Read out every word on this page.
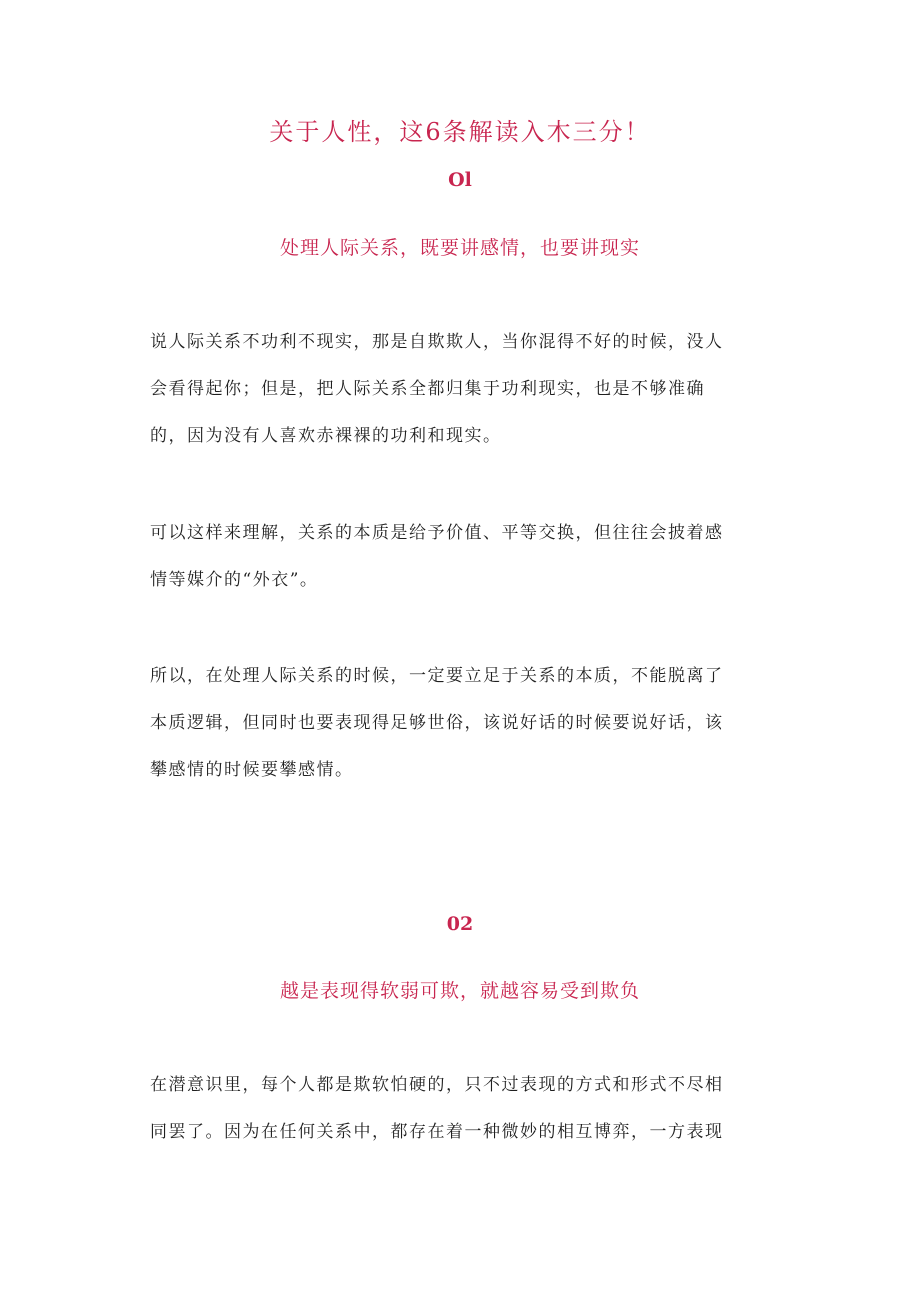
关于人性，这6条解读入木三分！
Ol
处理人际关系，既要讲感情，也要讲现实
说人际关系不功利不现实，那是自欺欺人，当你混得不好的时候，没人
会看得起你；但是，把人际关系全都归集于功利现实，也是不够准确
的，因为没有人喜欢赤裸裸的功利和现实。
可以这样来理解，关系的本质是给予价值、平等交换，但往往会披着感
情等媒介的“外衣”。
所以，在处理人际关系的时候，一定要立足于关系的本质，不能脱离了
本质逻辑，但同时也要表现得足够世俗，该说好话的时候要说好话，该
攀感情的时候要攀感情。
02
越是表现得软弱可欺，就越容易受到欺负
在潜意识里，每个人都是欺软怕硬的，只不过表现的方式和形式不尽相
同罢了。因为在任何关系中，都存在着一种微妙的相互博弈，一方表现
